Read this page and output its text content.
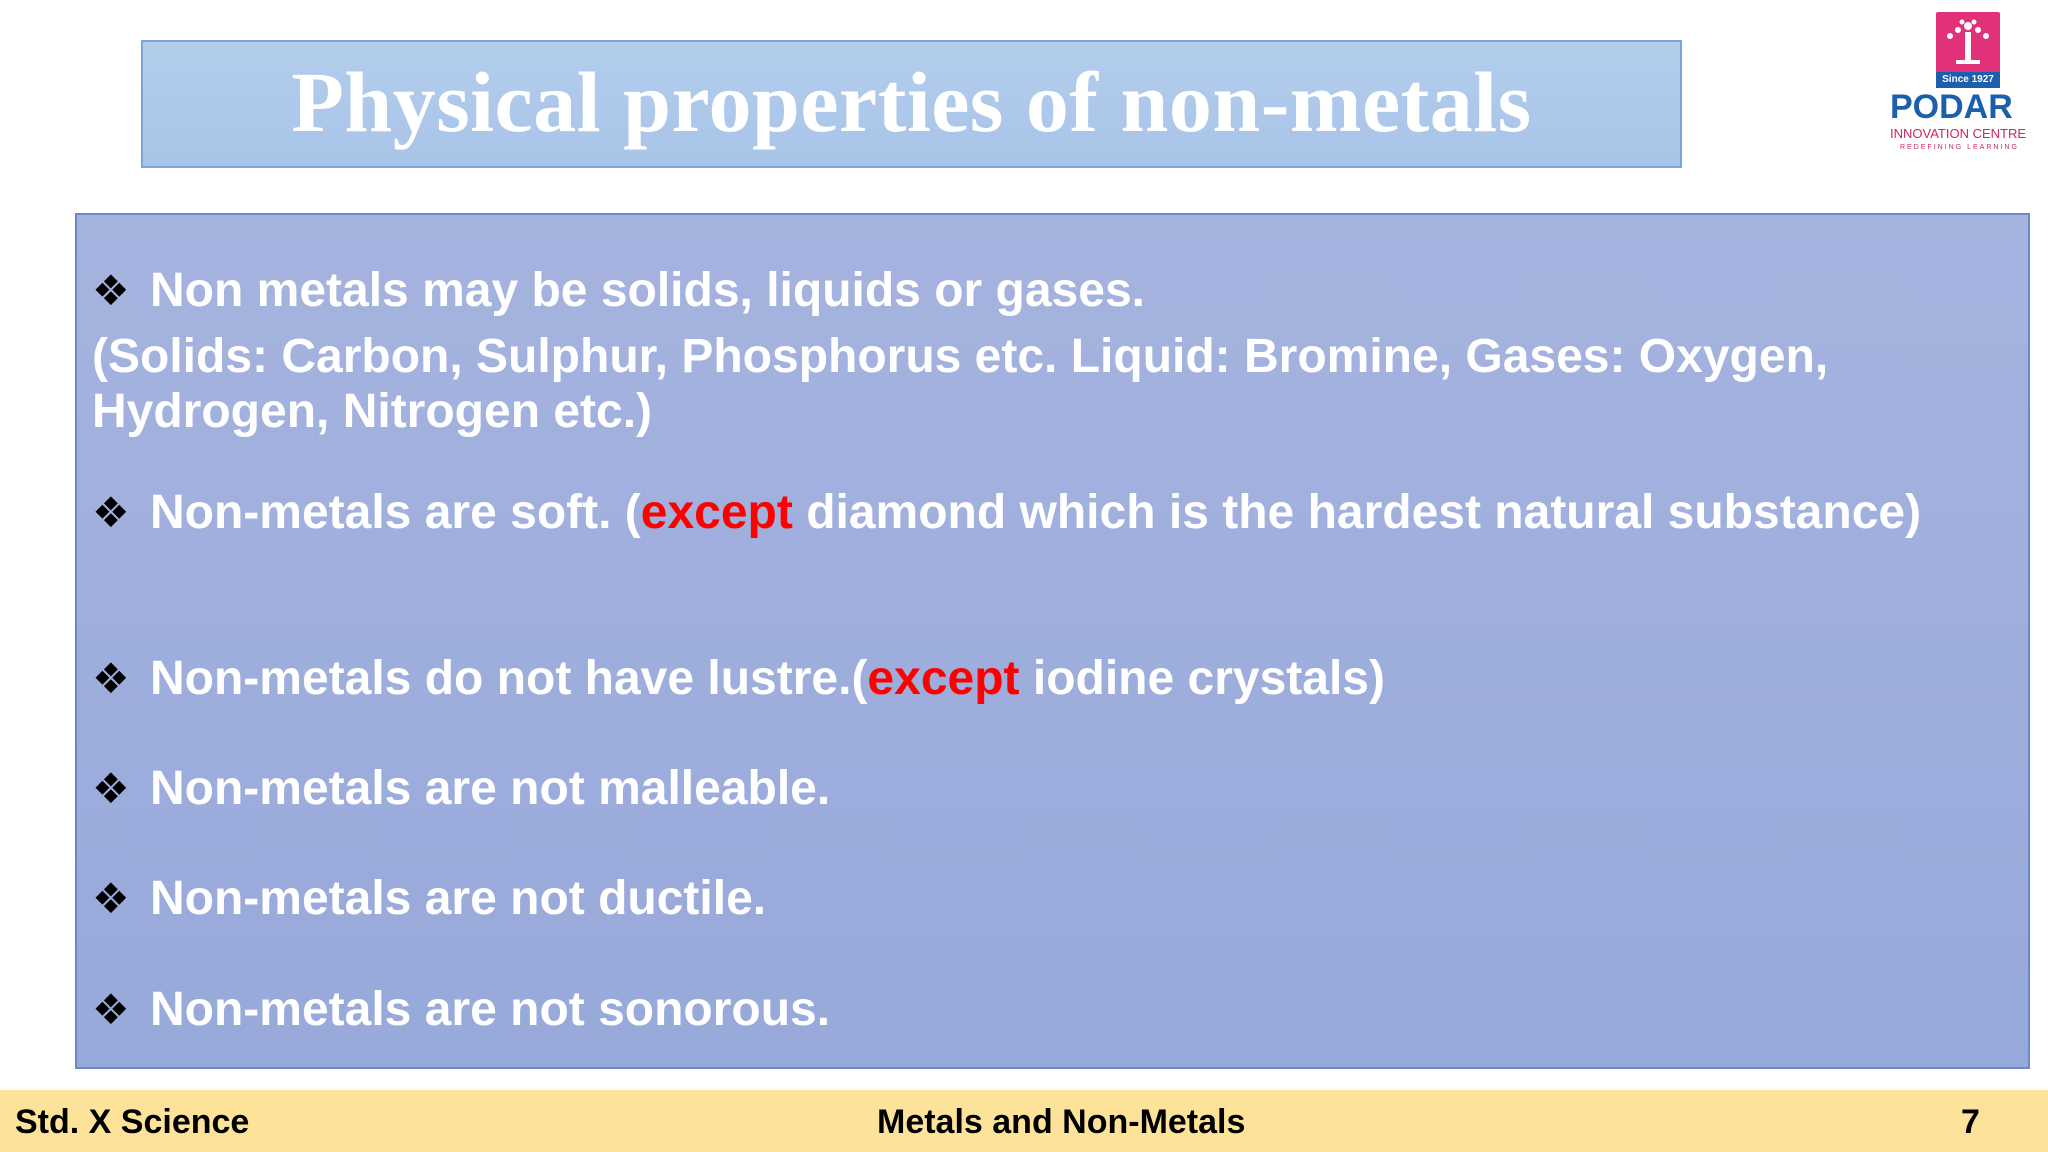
Physical properties of non-metals	Since 1927
PODAR
INNOVATION CENTRE
REDEFINING LEARNING
❖ Non metals may be solids, liquids or gases.
(Solids: Carbon, Sulphur, Phosphorus etc. Liquid: Bromine, Gases: Oxygen, Hydrogen, Nitrogen etc.)
❖ Non-metals are soft. (except diamond which is the hardest natural substance)
❖ Non-metals do not have lustre.(except iodine crystals)
❖ Non-metals are not malleable.
❖ Non-metals are not ductile.
❖ Non-metals are not sonorous.
Std. X Science	Metals and Non-Metals	7
